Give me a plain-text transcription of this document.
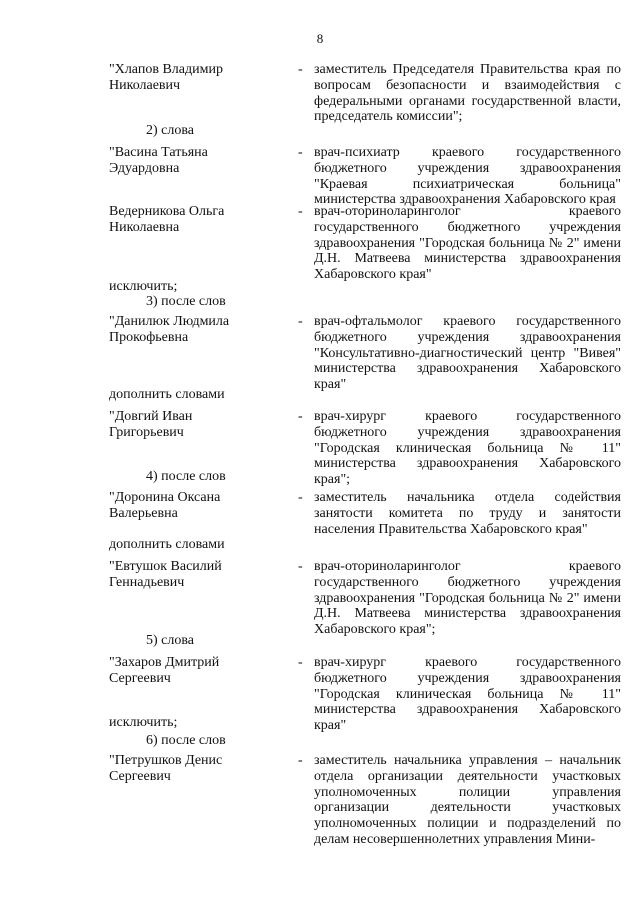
8
"Хлапов Владимир
Николаевич
- заместитель Председателя Правительства края по вопросам безопасности и взаимодействия с федеральными органами государственной власти, председатель комиссии";
2) слова
"Васина Татьяна
Эдуардовна
- врач-психиатр краевого государственного бюджетного учреждения здравоохранения "Краевая психиатрическая больница" министерства здравоохранения Хабаровского края
Ведерникова Ольга
Николаевна
- врач-оториноларинголог краевого государственного бюджетного учреждения здравоохранения "Городская больница № 2" имени Д.Н. Матвеева министерства здравоохранения Хабаровского края"
исключить;
3) после слов
"Данилюк Людмила
Прокофьевна
- врач-офтальмолог краевого государственного бюджетного учреждения здравоохранения "Консультативно-диагностический центр "Вивея" министерства здравоохранения Хабаровского края"
дополнить словами
"Довгий Иван
Григорьевич
- врач-хирург краевого государственного бюджетного учреждения здравоохранения "Городская клиническая больница № 11" министерства здравоохранения Хабаровского края";
4) после слов
"Доронина Оксана
Валерьевна
- заместитель начальника отдела содействия занятости комитета по труду и занятости населения Правительства Хабаровского края"
дополнить словами
"Евтушок Василий
Геннадьевич
- врач-оториноларинголог краевого государственного бюджетного учреждения здравоохранения "Городская больница № 2" имени Д.Н. Матвеева министерства здравоохранения Хабаровского края";
5) слова
"Захаров Дмитрий
Сергеевич
- врач-хирург краевого государственного бюджетного учреждения здравоохранения "Городская клиническая больница № 11" министерства здравоохранения Хабаровского края"
исключить;
6) после слов
"Петрушков Денис
Сергеевич
- заместитель начальника управления – начальник отдела организации деятельности участковых уполномоченных полиции управления организации деятельности участковых уполномоченных полиции и подразделений по делам несовершеннолетних управления Мини-
